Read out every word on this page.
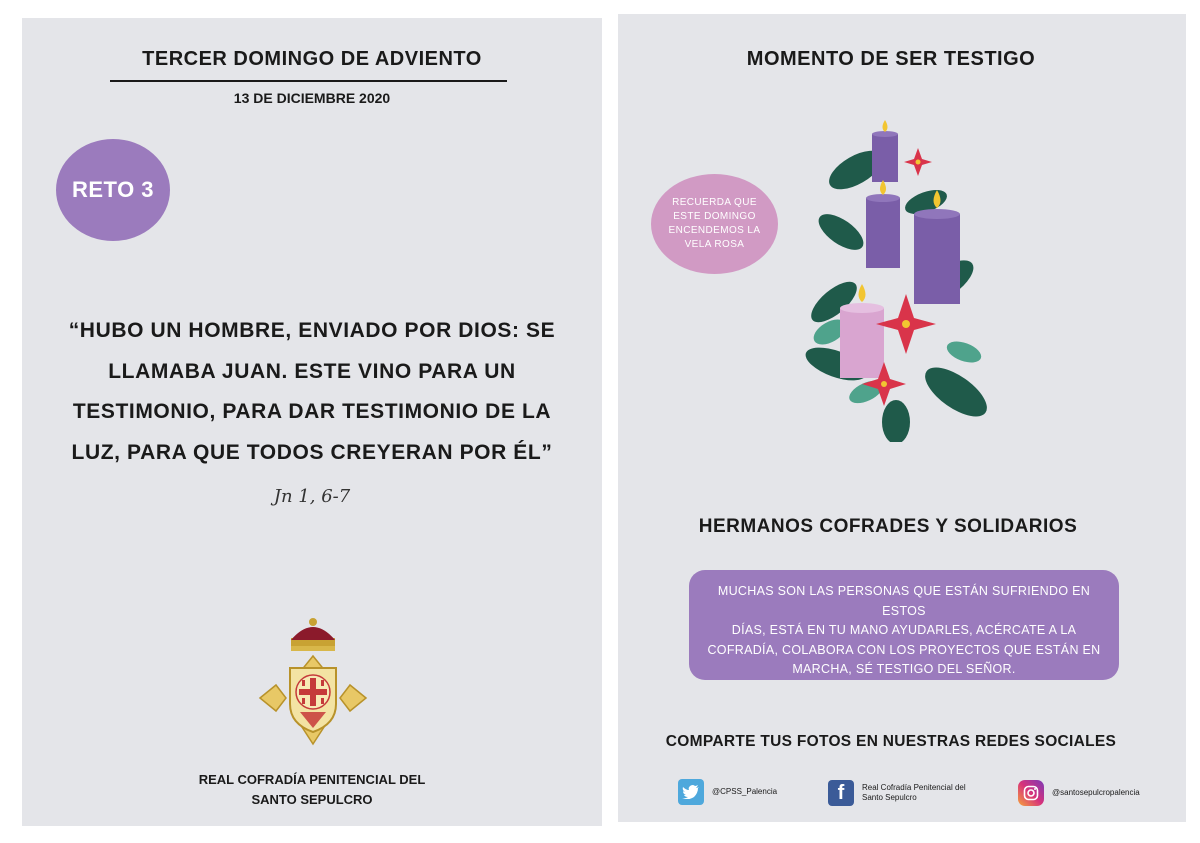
TERCER DOMINGO DE ADVIENTO
13 DE DICIEMBRE 2020
RETO 3
“HUBO UN HOMBRE, ENVIADO POR DIOS: SE
LLAMABA JUAN. ESTE VINO PARA UN
TESTIMONIO, PARA DAR TESTIMONIO DE LA
LUZ, PARA QUE TODOS CREYERAN POR ÉL”
Jn 1, 6-7
REAL COFRADÍA PENITENCIAL DEL
SANTO SEPULCRO
MOMENTO DE SER TESTIGO
RECUERDA QUE
ESTE DOMINGO
ENCENDEMOS LA
VELA ROSA
HERMANOS COFRADES Y SOLIDARIOS
MUCHAS SON LAS PERSONAS QUE ESTÁN SUFRIENDO EN ESTOS
DÍAS, ESTÁ EN TU MANO AYUDARLES, ACÉRCATE A LA
COFRADÍA, COLABORA CON LOS PROYECTOS QUE ESTÁN EN
MARCHA, SÉ TESTIGO DEL SEÑOR.
COMPARTE TUS FOTOS EN NUESTRAS REDES SOCIALES
@CPSS_Palencia	f	Real Cofradía Penitencial del
Santo Sepulcro
@santosepulcropalencia
